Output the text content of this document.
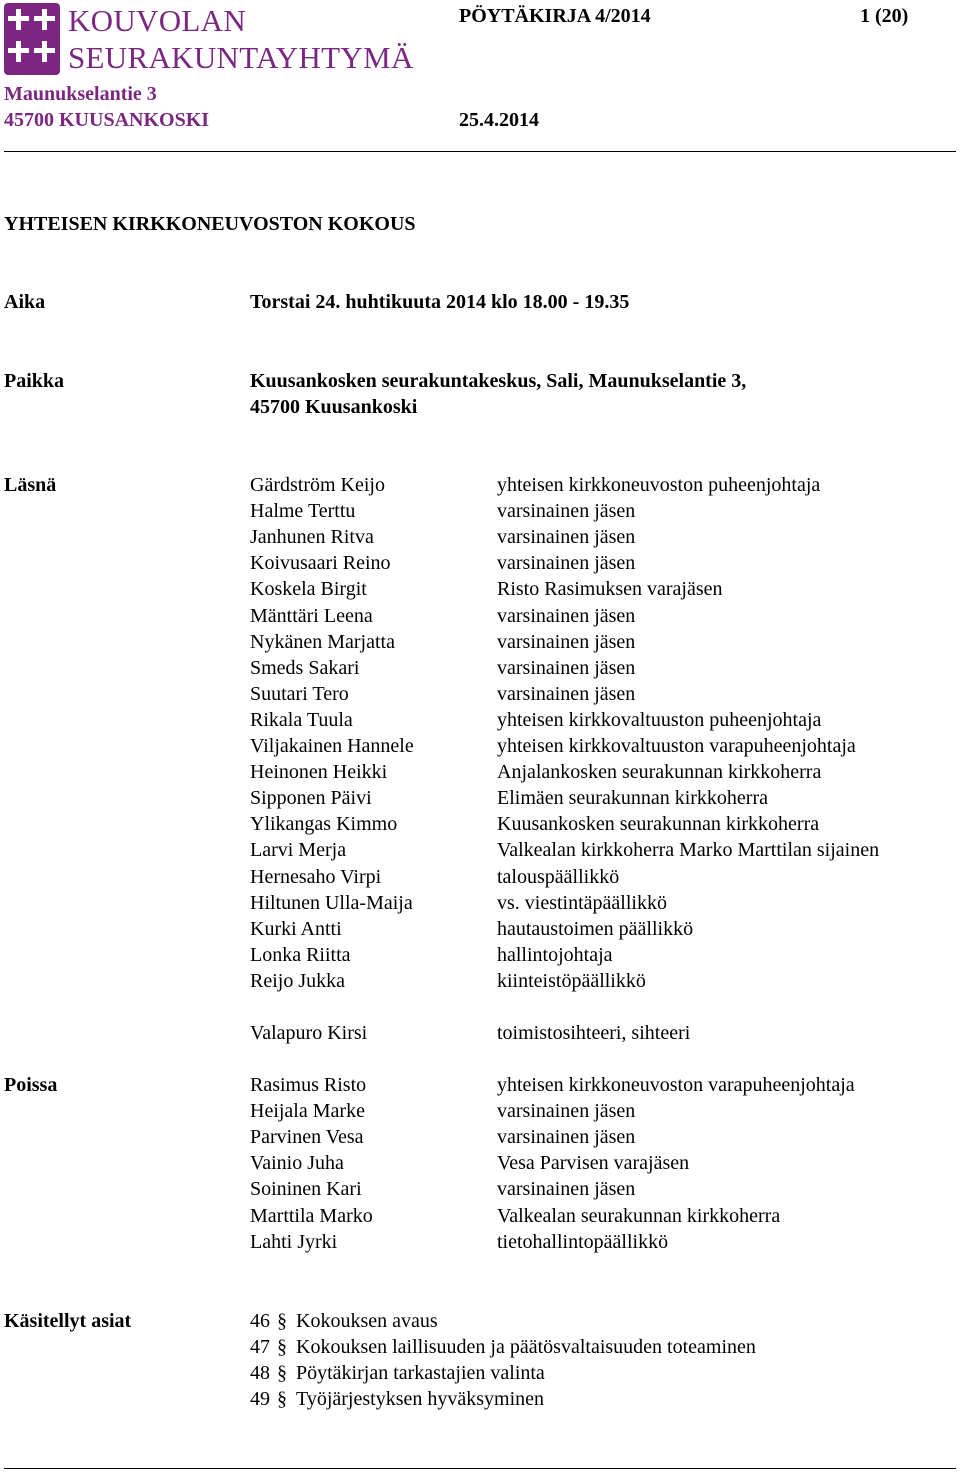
KOUVOLAN
SEURAKUNTAYHTYMÄ
PÖYTÄKIRJA 4/2014	1 (20)
Maunukselantie 3
45700 KUUSANKOSKI	25.4.2014
YHTEISEN KIRKKONEUVOSTON KOKOUS
Aika	Torstai 24. huhtikuuta 2014 klo 18.00 - 19.35
Paikka	Kuusankosken seurakuntakeskus, Sali, Maunukselantie 3,
45700 Kuusankoski
Läsnä	Gärdström Keijo	yhteisen kirkkoneuvoston puheenjohtaja
Halme Terttu	varsinainen jäsen
Janhunen Ritva	varsinainen jäsen
Koivusaari Reino	varsinainen jäsen
Koskela Birgit	Risto Rasimuksen varajäsen
Mänttäri Leena	varsinainen jäsen
Nykänen Marjatta	varsinainen jäsen
Smeds Sakari	varsinainen jäsen
Suutari Tero	varsinainen jäsen
Rikala Tuula	yhteisen kirkkovaltuuston puheenjohtaja
Viljakainen Hannele	yhteisen kirkkovaltuuston varapuheenjohtaja
Heinonen Heikki	Anjalankosken seurakunnan kirkkoherra
Sipponen Päivi	Elimäen seurakunnan kirkkoherra
Ylikangas Kimmo	Kuusankosken seurakunnan kirkkoherra
Larvi Merja	Valkealan kirkkoherra Marko Marttilan sijainen
Hernesaho Virpi	talouspäällikkö
Hiltunen Ulla-Maija	vs. viestintäpäällikkö
Kurki Antti	hautaustoimen päällikkö
Lonka Riitta	hallintojohtaja
Reijo Jukka	kiinteistöpäällikkö
Valapuro Kirsi	toimistosihteeri, sihteeri
Poissa	Rasimus Risto	yhteisen kirkkoneuvoston varapuheenjohtaja
Heijala Marke	varsinainen jäsen
Parvinen Vesa	varsinainen jäsen
Vainio Juha	Vesa Parvisen varajäsen
Soininen Kari	varsinainen jäsen
Marttila Marko	Valkealan seurakunnan kirkkoherra
Lahti Jyrki	tietohallintopäällikkö
Käsitellyt asiat	46 § Kokouksen avaus
47 § Kokouksen laillisuuden ja päätösvaltaisuuden toteaminen
48 § Pöytäkirjan tarkastajien valinta
49 § Työjärjestyksen hyväksyminen
